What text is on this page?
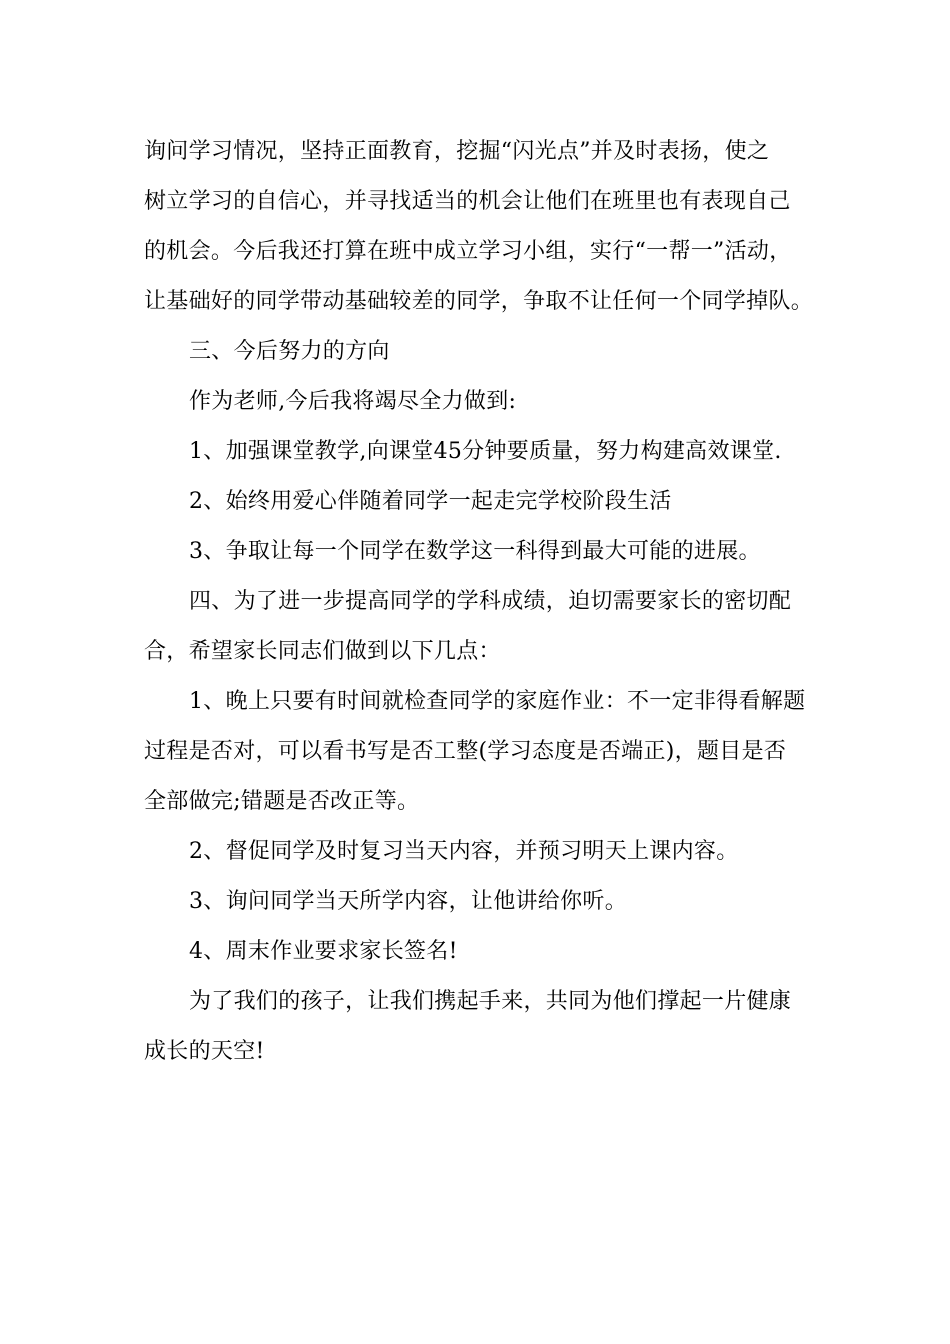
询问学习情况，坚持正面教育，挖掘“闪光点”并及时表扬，使之
树立学习的自信心，并寻找适当的机会让他们在班里也有表现自己
的机会。今后我还打算在班中成立学习小组，实行“一帮一”活动，
让基础好的同学带动基础较差的同学，争取不让任何一个同学掉队。
三、今后努力的方向
作为老师,今后我将竭尽全力做到:
1、加强课堂教学,向课堂45分钟要质量，努力构建高效课堂.
2、始终用爱心伴随着同学一起走完学校阶段生活
3、争取让每一个同学在数学这一科得到最大可能的进展。
四、为了进一步提高同学的学科成绩，迫切需要家长的密切配
合，希望家长同志们做到以下几点：
1、晚上只要有时间就检查同学的家庭作业：不一定非得看解题
过程是否对，可以看书写是否工整(学习态度是否端正)，题目是否
全部做完;错题是否改正等。
2、督促同学及时复习当天内容，并预习明天上课内容。
3、询问同学当天所学内容，让他讲给你听。
4、周末作业要求家长签名!
为了我们的孩子，让我们携起手来，共同为他们撑起一片健康
成长的天空!
